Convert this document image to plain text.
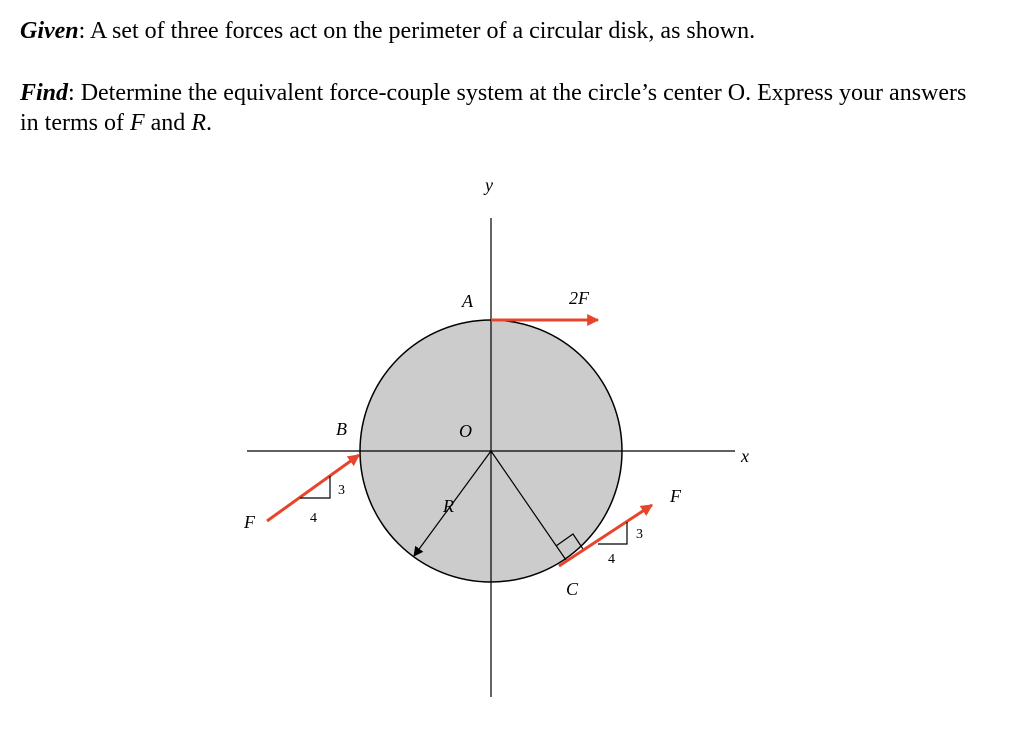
Given: A set of three forces act on the perimeter of a circular disk, as shown.
Find: Determine the equivalent force-couple system at the circle’s center O. Express your answers in terms of F and R.
y
x
A	2F
B	O
R
C
F
F
3
4
3
4
